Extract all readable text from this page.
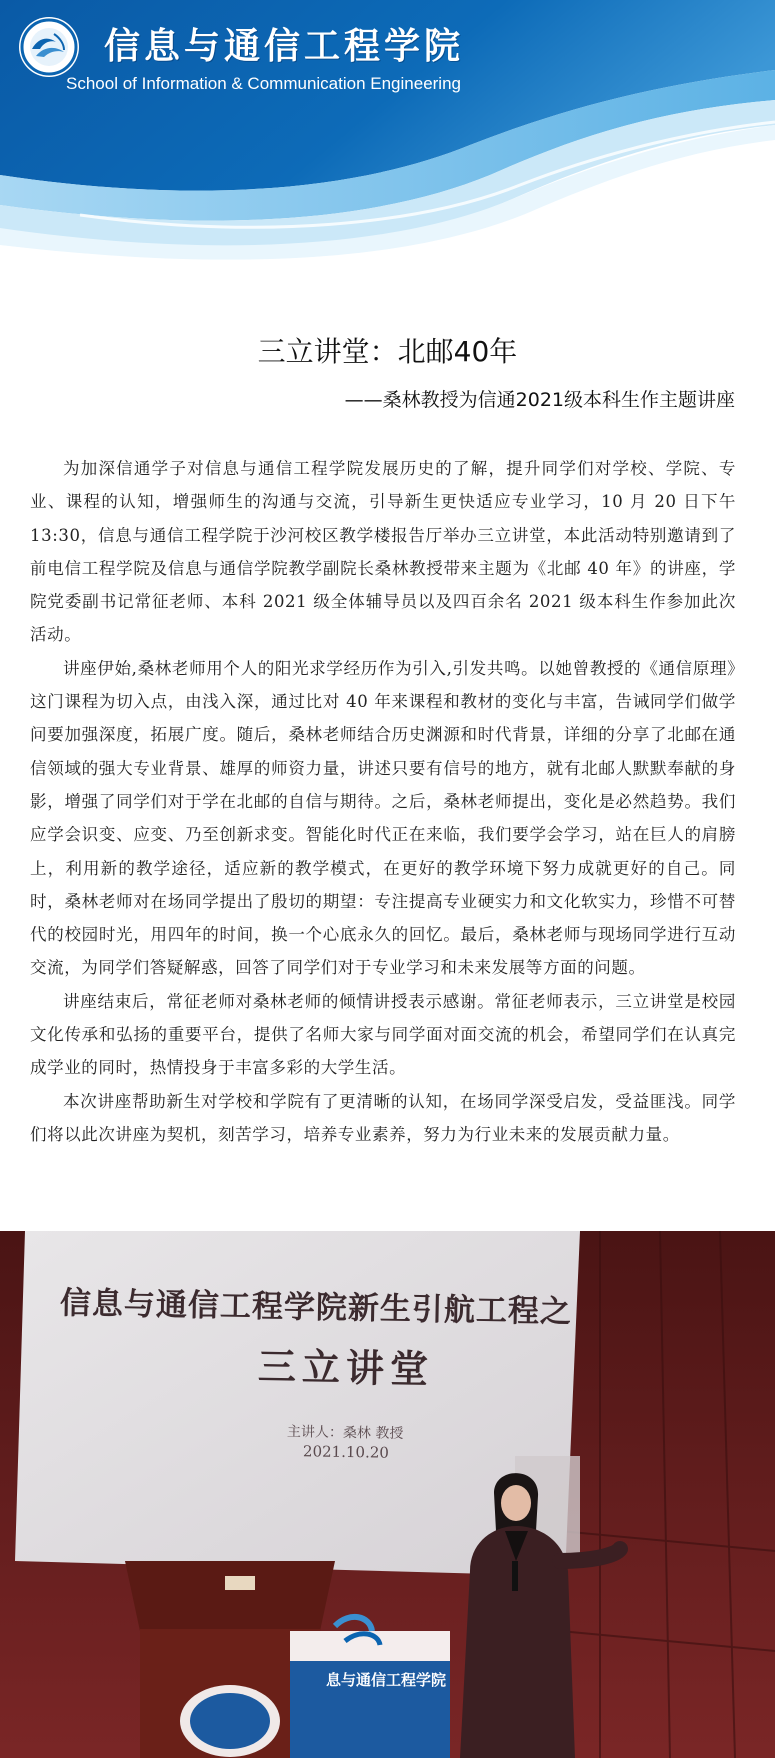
信息与通信工程学院
School of Information & Communication Engineering
三立讲堂：北邮40年
——桑林教授为信通2021级本科生作主题讲座

为加深信通学子对信息与通信工程学院发展历史的了解，提升同学们对学校、学院、专业、课程的认知，增强师生的沟通与交流，引导新生更快适应专业学习，10 月 20 日下午 13:30，信息与通信工程学院于沙河校区教学楼报告厅举办三立讲堂，本此活动特别邀请到了前电信工程学院及信息与通信学院教学副院长桑林教授带来主题为《北邮 40 年》的讲座，学院党委副书记常征老师、本科 2021 级全体辅导员以及四百余名 2021 级本科生作参加此次活动。

讲座伊始,桑林老师用个人的阳光求学经历作为引入,引发共鸣。以她曾教授的《通信原理》这门课程为切入点，由浅入深，通过比对 40 年来课程和教材的变化与丰富，告诫同学们做学问要加强深度，拓展广度。随后，桑林老师结合历史渊源和时代背景，详细的分享了北邮在通信领域的强大专业背景、雄厚的师资力量，讲述只要有信号的地方，就有北邮人默默奉献的身影，增强了同学们对于学在北邮的自信与期待。之后，桑林老师提出，变化是必然趋势。我们应学会识变、应变、乃至创新求变。智能化时代正在来临，我们要学会学习，站在巨人的肩膀上，利用新的教学途径，适应新的教学模式，在更好的教学环境下努力成就更好的自己。同时，桑林老师对在场同学提出了殷切的期望：专注提高专业硬实力和文化软实力，珍惜不可替代的校园时光，用四年的时间，换一个心底永久的回忆。最后，桑林老师与现场同学进行互动交流，为同学们答疑解惑，回答了同学们对于专业学习和未来发展等方面的问题。

讲座结束后，常征老师对桑林老师的倾情讲授表示感谢。常征老师表示，三立讲堂是校园文化传承和弘扬的重要平台，提供了名师大家与同学面对面交流的机会，希望同学们在认真完成学业的同时，热情投身于丰富多彩的大学生活。

本次讲座帮助新生对学校和学院有了更清晰的认知，在场同学深受启发，受益匪浅。同学们将以此次讲座为契机，刻苦学习，培养专业素养，努力为行业未来的发展贡献力量。

信息与通信工程学院新生引航工程之
三立讲堂
主讲人：桑林 教授
2021.10.20
息与通信工程学院
